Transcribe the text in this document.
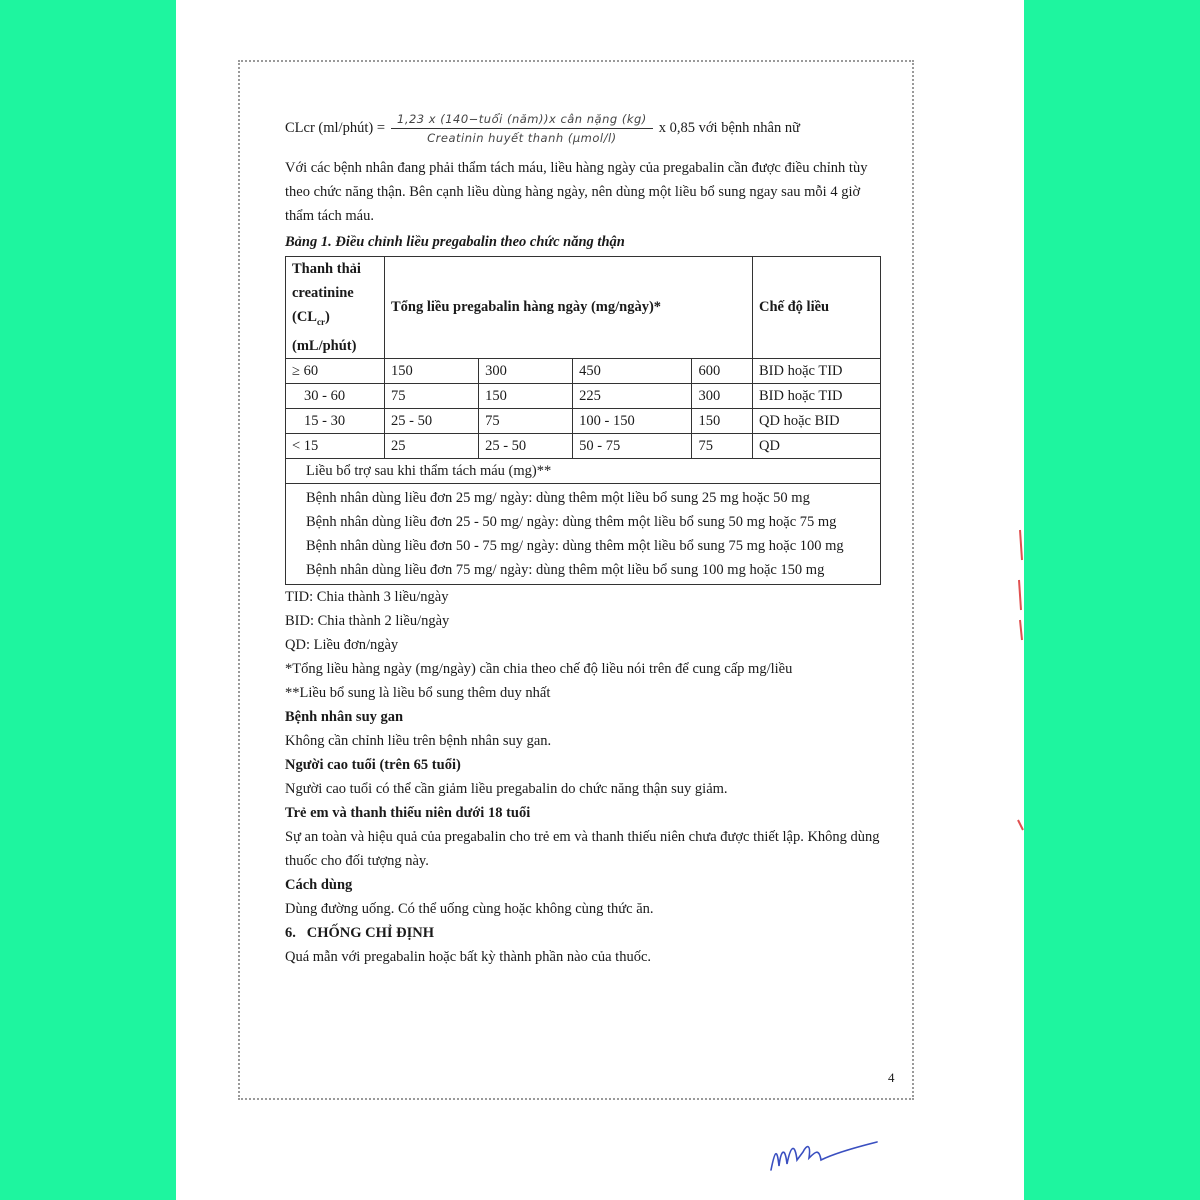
CLcr (ml/phút) = $\frac{\text{1,23 x (140−tuổi (năm))x cân nặng (kg)}}{\text{Creatinin huyết thanh (µmol/l)}}$ x 0,85 với bệnh nhân nữ

Với các bệnh nhân đang phải thẩm tách máu, liều hàng ngày của pregabalin cần được điều chỉnh tùy theo chức năng thận. Bên cạnh liều dùng hàng ngày, nên dùng một liều bổ sung ngay sau mỗi 4 giờ thẩm tách máu.

Bảng 1. Điều chỉnh liều pregabalin theo chức năng thận

Thanh thải
creatinine
$(CL_{cr})$
(mL/phút)	Tổng liều pregabalin hàng ngày (mg/ngày)*				Chế độ liều
≥ 60	150	300	450	600	BID hoặc TID
30 - 60	75	150	225	300	BID hoặc TID
15 - 30	25 - 50	75	100 - 150	150	QD hoặc BID
< 15	25	25 - 50	50 - 75	75	QD
Liều bổ trợ sau khi thẩm tách máu (mg)**					

Bệnh nhân dùng liều đơn 25 mg/ ngày: dùng thêm một liều bổ sung 25 mg hoặc 50 mg
Bệnh nhân dùng liều đơn 25 - 50 mg/ ngày: dùng thêm một liều bổ sung 50 mg hoặc 75 mg
Bệnh nhân dùng liều đơn 50 - 75 mg/ ngày: dùng thêm một liều bổ sung 75 mg hoặc 100 mg
Bệnh nhân dùng liều đơn 75 mg/ ngày: dùng thêm một liều bổ sung 100 mg hoặc 150 mg					

TID: Chia thành 3 liều/ngày

BID: Chia thành 2 liều/ngày

QD: Liều đơn/ngày

*Tổng liều hàng ngày (mg/ngày) cần chia theo chế độ liều nói trên để cung cấp mg/liều

**Liều bổ sung là liều bổ sung thêm duy nhất

Bệnh nhân suy gan

Không cần chỉnh liều trên bệnh nhân suy gan.

Người cao tuổi (trên 65 tuổi)

Người cao tuổi có thể cần giảm liều pregabalin do chức năng thận suy giảm.

Trẻ em và thanh thiếu niên dưới 18 tuổi

Sự an toàn và hiệu quả của pregabalin cho trẻ em và thanh thiếu niên chưa được thiết lập. Không dùng thuốc cho đối tượng này.

Cách dùng

Dùng đường uống. Có thể uống cùng hoặc không cùng thức ăn.

6.   CHỐNG CHỈ ĐỊNH

Quá mẫn với pregabalin hoặc bất kỳ thành phần nào của thuốc.

4
